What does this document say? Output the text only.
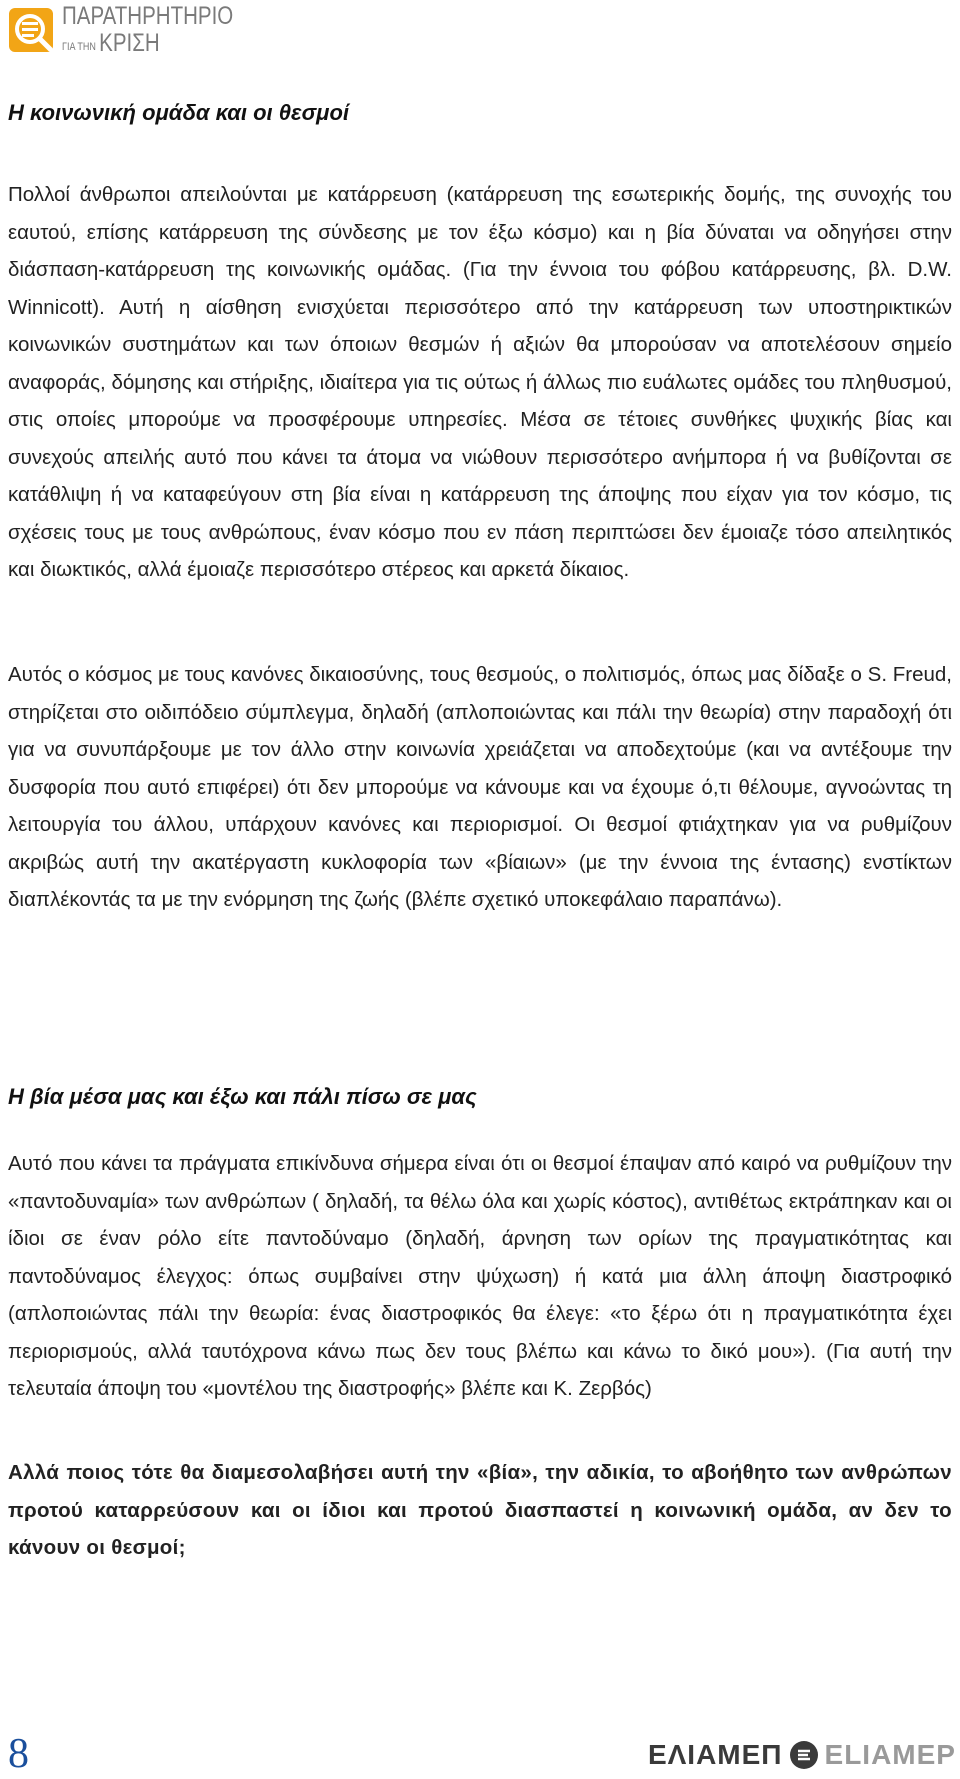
ΠΑΡΑΤΗΡΗΤΗΡΙΟ
ΓΙΑ ΤΗΝ ΚΡΙΣΗ
Η κοινωνική ομάδα και οι θεσμοί

Πολλοί άνθρωποι απειλούνται με κατάρρευση (κατάρρευση της εσωτερικής δομής, της συνοχής του εαυτού, επίσης κατάρρευση της σύνδεσης με τον έξω κόσμο) και η βία δύναται να οδηγήσει στην διάσπαση-κατάρρευση της κοινωνικής ομάδας. (Για την έννοια του φόβου κατάρρευσης, βλ. D.W. Winnicott). Αυτή η αίσθηση ενισχύεται περισσότερο από την κατάρρευση των υποστηρικτικών κοινωνικών συστημάτων και των όποιων θεσμών ή αξιών θα μπορούσαν να αποτελέσουν σημείο αναφοράς, δόμησης και στήριξης, ιδιαίτερα για τις ούτως ή άλλως πιο ευάλωτες ομάδες του πληθυσμού, στις οποίες μπορούμε να προσφέρουμε υπηρεσίες. Μέσα σε τέτοιες συνθήκες ψυχικής βίας και συνεχούς απειλής αυτό που κάνει τα άτομα να νιώθουν περισσότερο ανήμπορα ή να βυθίζονται σε κατάθλιψη ή να καταφεύγουν στη βία είναι η κατάρρευση της άποψης που είχαν για τον κόσμο, τις σχέσεις τους με τους ανθρώπους, έναν κόσμο που εν πάση περιπτώσει δεν έμοιαζε τόσο απειλητικός και διωκτικός, αλλά έμοιαζε περισσότερο στέρεος και αρκετά δίκαιος.

Αυτός ο κόσμος με τους κανόνες δικαιοσύνης, τους θεσμούς, ο πολιτισμός, όπως μας δίδαξε ο S. Freud, στηρίζεται στο οιδιπόδειο σύμπλεγμα, δηλαδή (απλοποιώντας και πάλι την θεωρία) στην παραδοχή ότι για να συνυπάρξουμε με τον άλλο στην κοινωνία χρειάζεται να αποδεχτούμε (και να αντέξουμε την δυσφορία που αυτό επιφέρει) ότι δεν μπορούμε να κάνουμε και να έχουμε ό,τι θέλουμε, αγνοώντας τη λειτουργία του άλλου, υπάρχουν κανόνες και περιορισμοί. Οι θεσμοί φτιάχτηκαν για να ρυθμίζουν ακριβώς αυτή την ακατέργαστη κυκλοφορία των «βίαιων» (με την έννοια της έντασης) ενστίκτων διαπλέκοντάς τα με την ενόρμηση της ζωής (βλέπε σχετικό υποκεφάλαιο παραπάνω).

Η βία μέσα μας και έξω και πάλι πίσω σε μας

Αυτό που κάνει τα πράγματα επικίνδυνα σήμερα είναι ότι οι θεσμοί έπαψαν από καιρό να ρυθμίζουν την «παντοδυναμία» των ανθρώπων ( δηλαδή, τα θέλω όλα και χωρίς κόστος), αντιθέτως εκτράπηκαν και οι ίδιοι σε έναν ρόλο είτε παντοδύναμο (δηλαδή, άρνηση των ορίων της πραγματικότητας και παντοδύναμος έλεγχος: όπως συμβαίνει στην ψύχωση) ή κατά μια άλλη άποψη διαστροφικό (απλοποιώντας πάλι την θεωρία: ένας διαστροφικός θα έλεγε: «το ξέρω ότι η πραγματικότητα έχει περιορισμούς, αλλά ταυτόχρονα κάνω πως δεν τους βλέπω και κάνω το δικό μου»). (Για αυτή την τελευταία άποψη του «μοντέλου της διαστροφής» βλέπε και Κ. Ζερβός)

Αλλά ποιος τότε θα διαμεσολαβήσει αυτή την «βία», την αδικία, το αβοήθητο των ανθρώπων προτού καταρρεύσουν και οι ίδιοι και προτού διασπαστεί η κοινωνική ομάδα, αν δεν το κάνουν οι θεσμοί;

8	ΕΛΙΑΜΕΠ ΕLIAMEP
